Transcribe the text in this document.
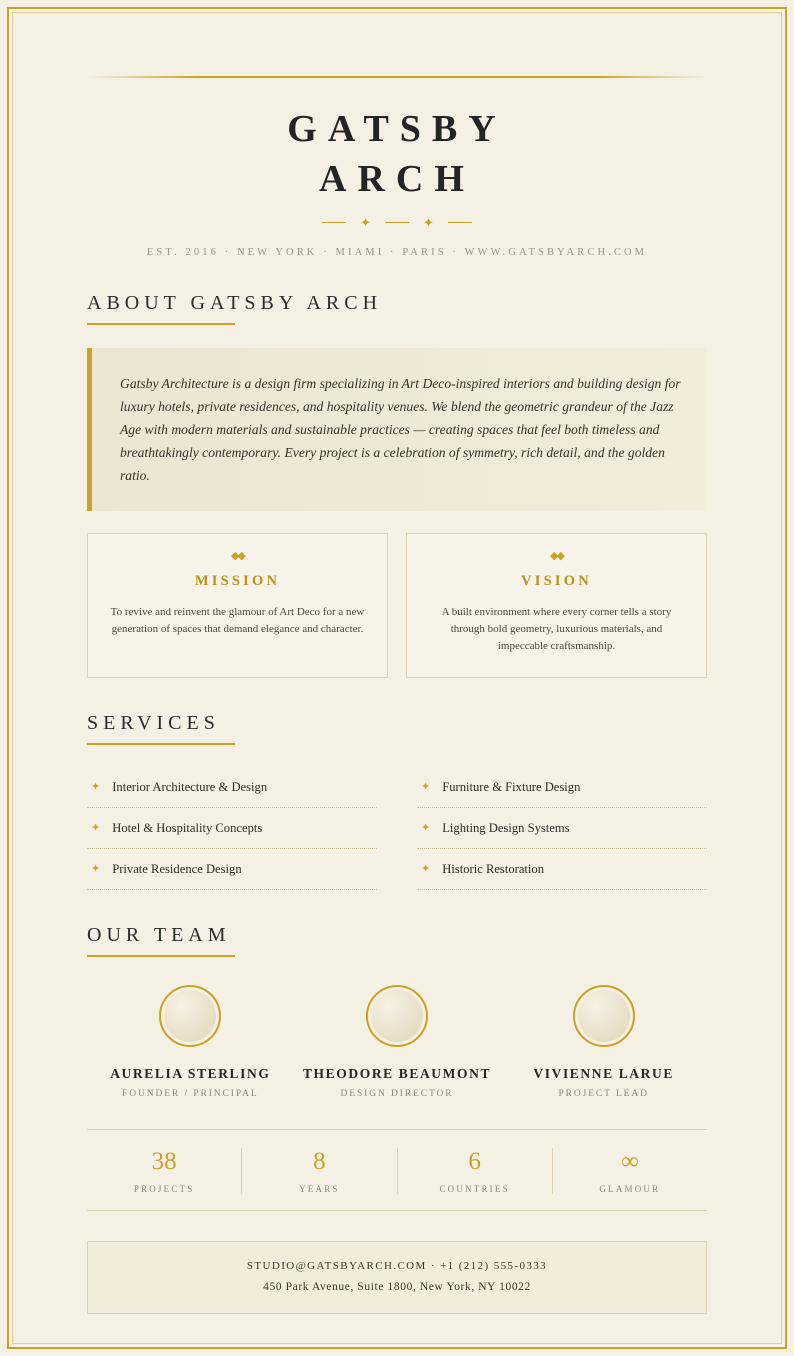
GATSBY
ARCH
✦	✦
EST. 2016 · NEW YORK · MIAMI · PARIS · WWW.GATSBYARCH.COM
ABOUT GATSBY ARCH
Gatsby Architecture is a design firm specializing in Art Deco-inspired interiors and building design for luxury hotels, private residences, and hospitality venues. We blend the geometric grandeur of the Jazz Age with modern materials and sustainable practices — creating spaces that feel both timeless and breathtakingly contemporary. Every project is a celebration of symmetry, rich detail, and the golden ratio.
◆◆
MISSION
To revive and reinvent the glamour of Art Deco for a new generation of spaces that demand elegance and character.
◆◆
VISION
A built environment where every corner tells a story through bold geometry, luxurious materials, and impeccable craftsmanship.
SERVICES
✦ Interior Architecture & Design
✦ Hotel & Hospitality Concepts
✦ Private Residence Design
✦ Furniture & Fixture Design
✦ Lighting Design Systems
✦ Historic Restoration
OUR TEAM
AURELIA STERLING
FOUNDER / PRINCIPAL
THEODORE BEAUMONT
DESIGN DIRECTOR
VIVIENNE LARUE
PROJECT LEAD
38
PROJECTS
8
YEARS
6
COUNTRIES
∞
GLAMOUR
STUDIO@GATSBYARCH.COM · +1 (212) 555-0333
450 Park Avenue, Suite 1800, New York, NY 10022
